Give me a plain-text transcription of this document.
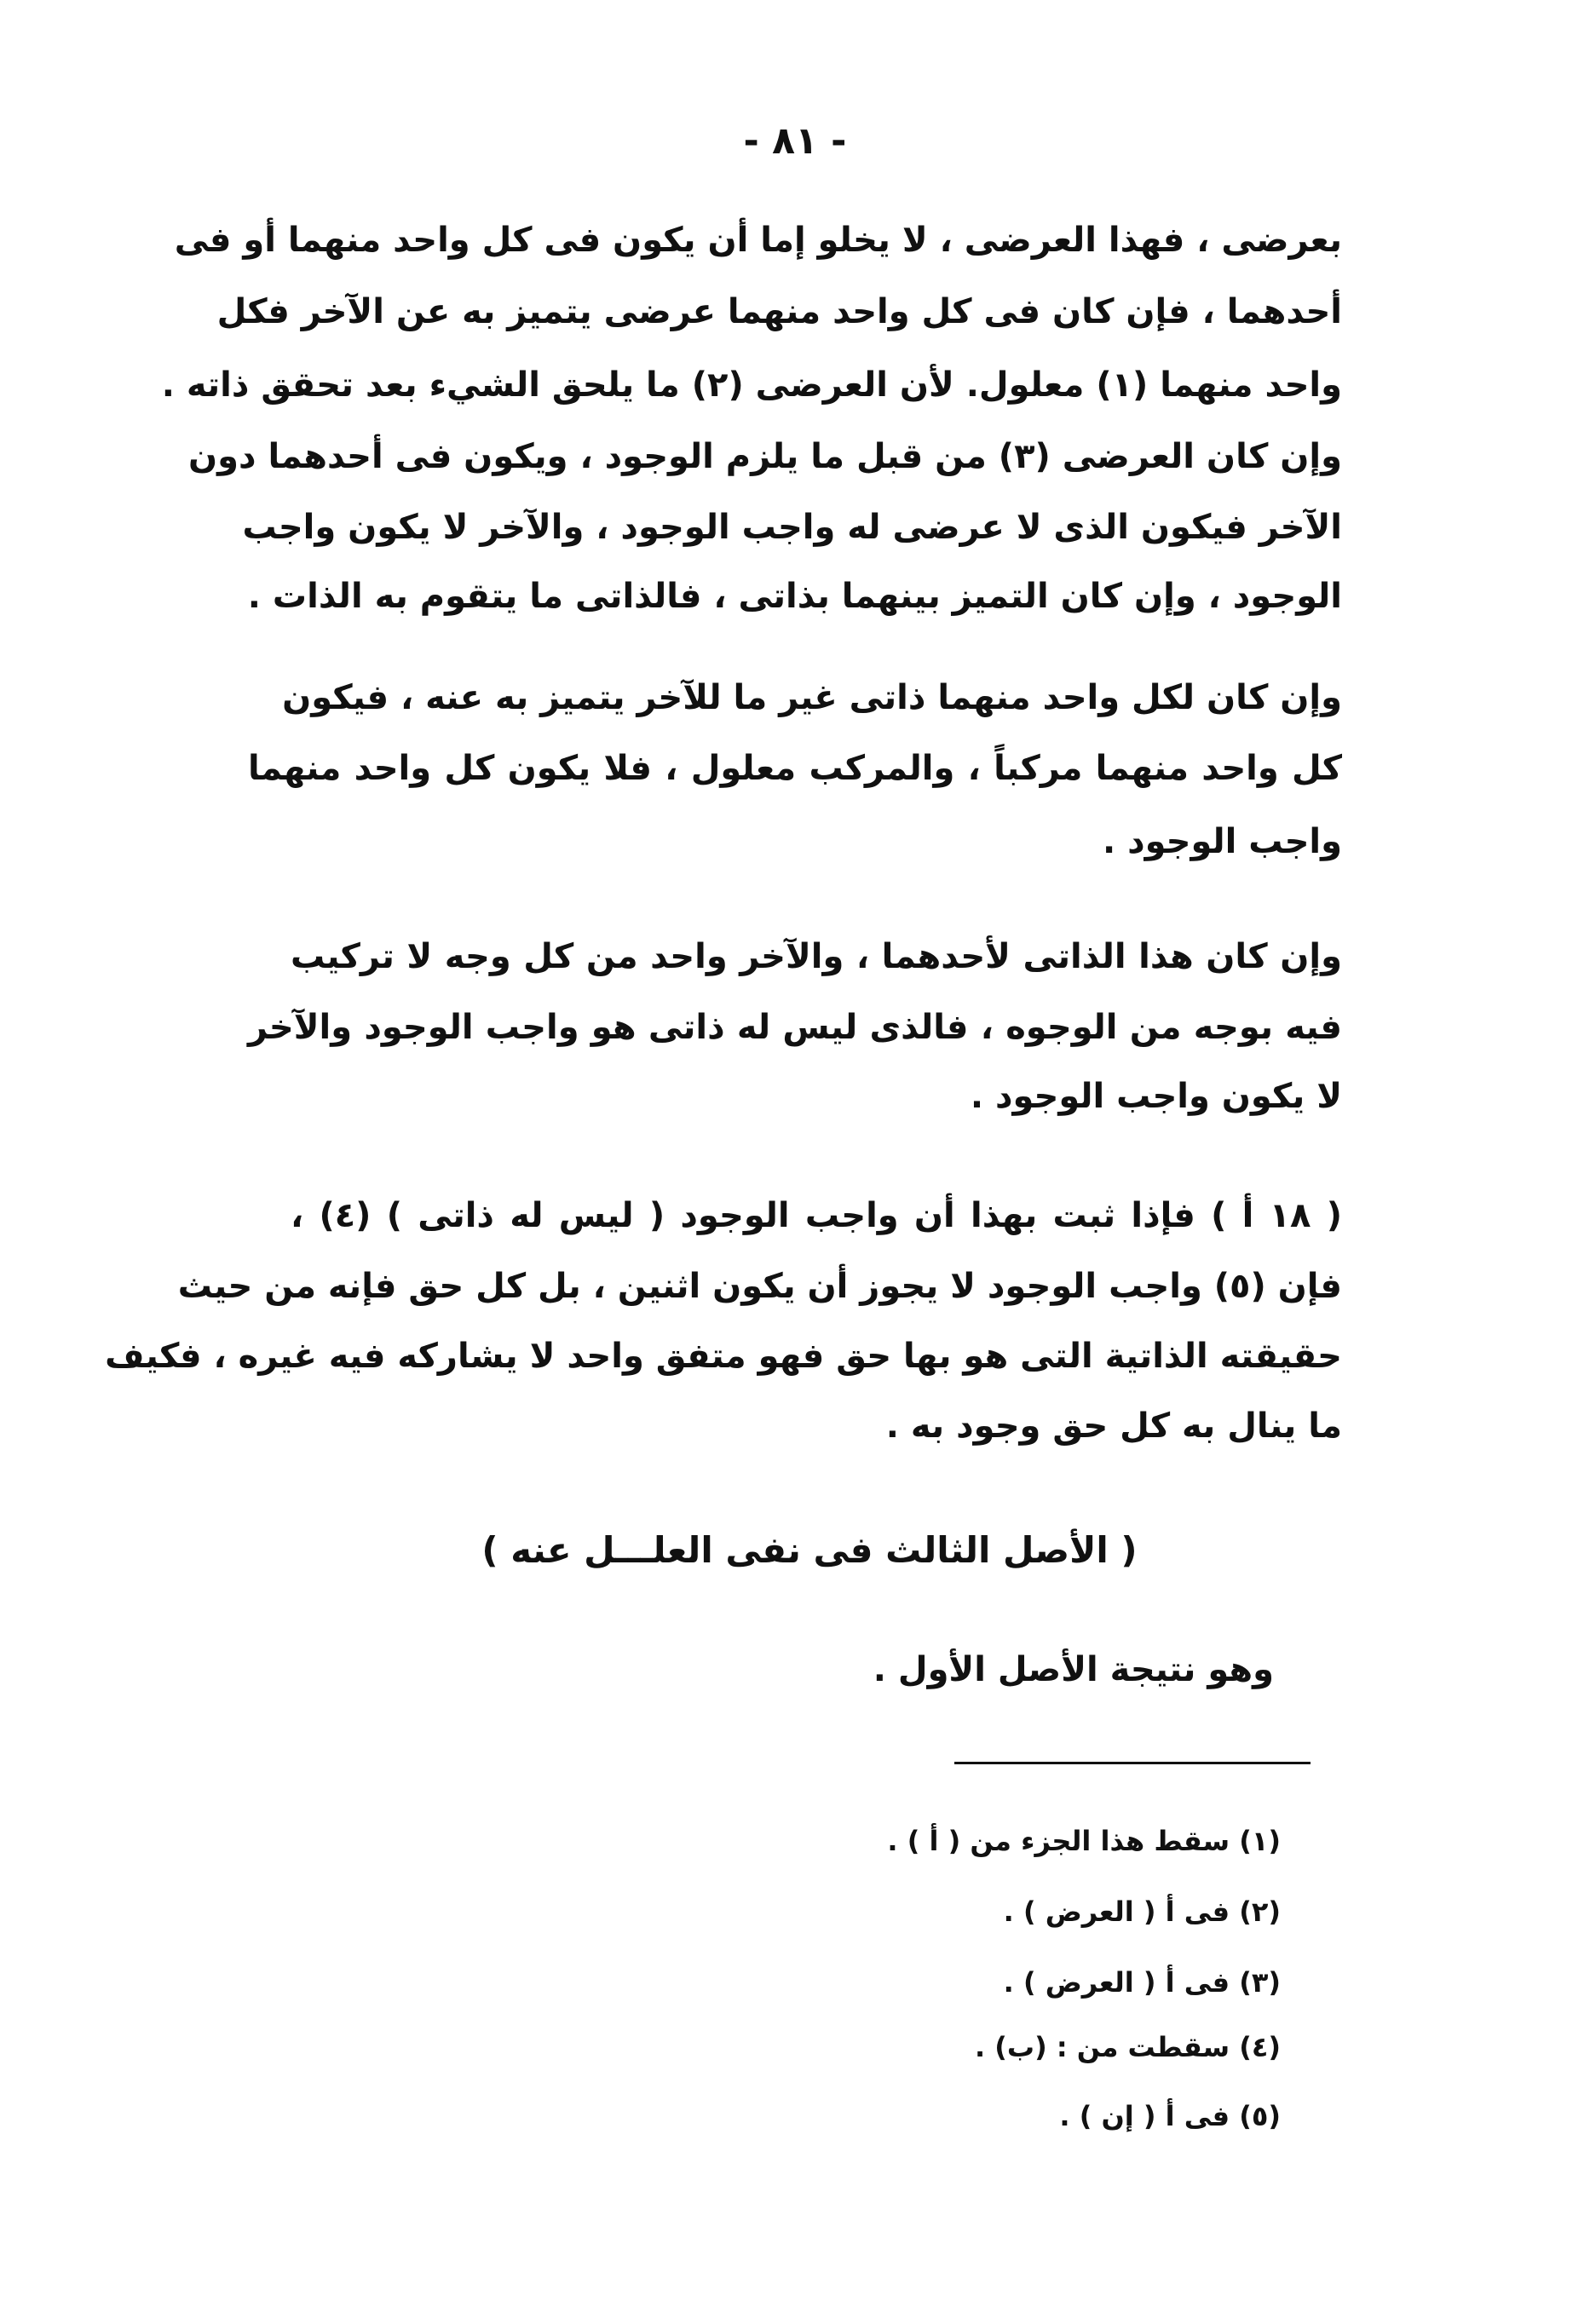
- ٨١ -
بعرضى ، فهذا العرضى ، لا يخلو إما أن يكون فى كل واحد منهما أو فى
أحدهما ، فإن كان فى كل واحد منهما عرضى يتميز به عن الآخر فكل
واحد منهما (١) معلول. لأن العرضى (٢) ما يلحق الشيء بعد تحقق ذاته .
وإن كان العرضى (٣) من قبل ما يلزم الوجود ، ويكون فى أحدهما دون
الآخر فيكون الذى لا عرضى له واجب الوجود ، والآخر لا يكون واجب
الوجود ، وإن كان التميز بينهما بذاتى ، فالذاتى ما يتقوم به الذات .
وإن كان لكل واحد منهما ذاتى غير ما للآخر يتميز به عنه ، فيكون
كل واحد منهما مركباً ، والمركب معلول ، فلا يكون كل واحد منهما
واجب الوجود .
وإن كان هذا الذاتى لأحدهما ، والآخر واحد من كل وجه لا تركيب
فيه بوجه من الوجوه ، فالذى ليس له ذاتى هو واجب الوجود والآخر
لا يكون واجب الوجود .
( ١٨ أ ) فإذا ثبت بهذا أن واجب الوجود ( ليس له ذاتى ) (٤) ،
فإن (٥) واجب الوجود لا يجوز أن يكون اثنين ، بل كل حق فإنه من حيث
حقيقته الذاتية التى هو بها حق فهو متفق واحد لا يشاركه فيه غيره ، فكيف
ما ينال به كل حق وجود به .
( الأصل الثالث فى نفى العلـــل عنه )
وهو نتيجة الأصل الأول .
(١) سقط هذا الجزء من ( أ ) .
(٢) فى أ ( العرض ) .
(٣) فى أ ( العرض ) .
(٤) سقطت من : (ب) .
(٥) فى أ ( إن ) .
